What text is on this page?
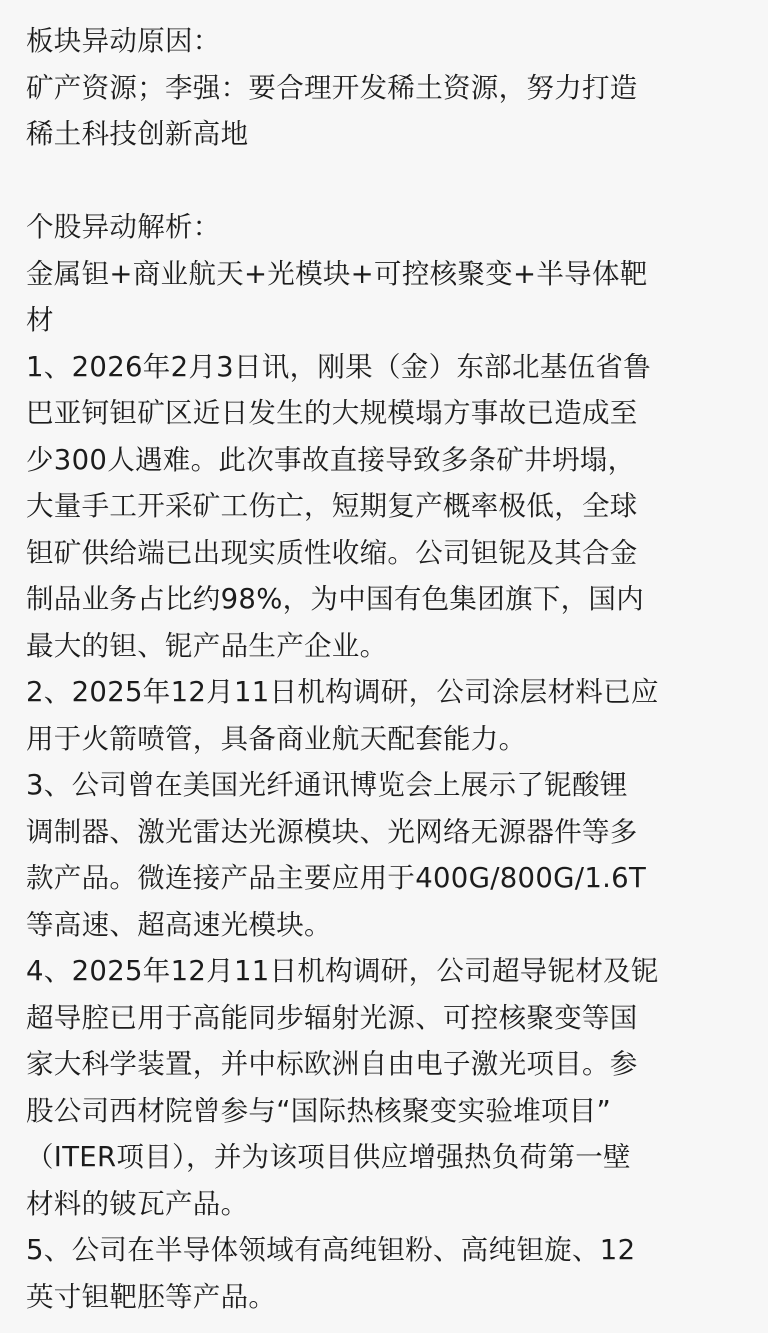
板块异动原因：
矿产资源；李强：要合理开发稀土资源，努力打造
稀土科技创新高地
个股异动解析：
金属钽+商业航天+光模块+可控核聚变+半导体靶
材
1、2026年2月3日讯，刚果（金）东部北基伍省鲁
巴亚钶钽矿区近日发生的大规模塌方事故已造成至
少300人遇难。此次事故直接导致多条矿井坍塌，
大量手工开采矿工伤亡，短期复产概率极低，全球
钽矿供给端已出现实质性收缩。公司钽铌及其合金
制品业务占比约98%，为中国有色集团旗下，国内
最大的钽、铌产品生产企业。
2、2025年12月11日机构调研，公司涂层材料已应
用于火箭喷管，具备商业航天配套能力。
3、公司曾在美国光纤通讯博览会上展示了铌酸锂
调制器、激光雷达光源模块、光网络无源器件等多
款产品。微连接产品主要应用于400G/800G/1.6T
等高速、超高速光模块。
4、2025年12月11日机构调研，公司超导铌材及铌
超导腔已用于高能同步辐射光源、可控核聚变等国
家大科学装置，并中标欧洲自由电子激光项目。参
股公司西材院曾参与“国际热核聚变实验堆项目”
（ITER项目），并为该项目供应增强热负荷第一壁
材料的铍瓦产品。
5、公司在半导体领域有高纯钽粉、高纯钽旋、12
英寸钽靶胚等产品。
